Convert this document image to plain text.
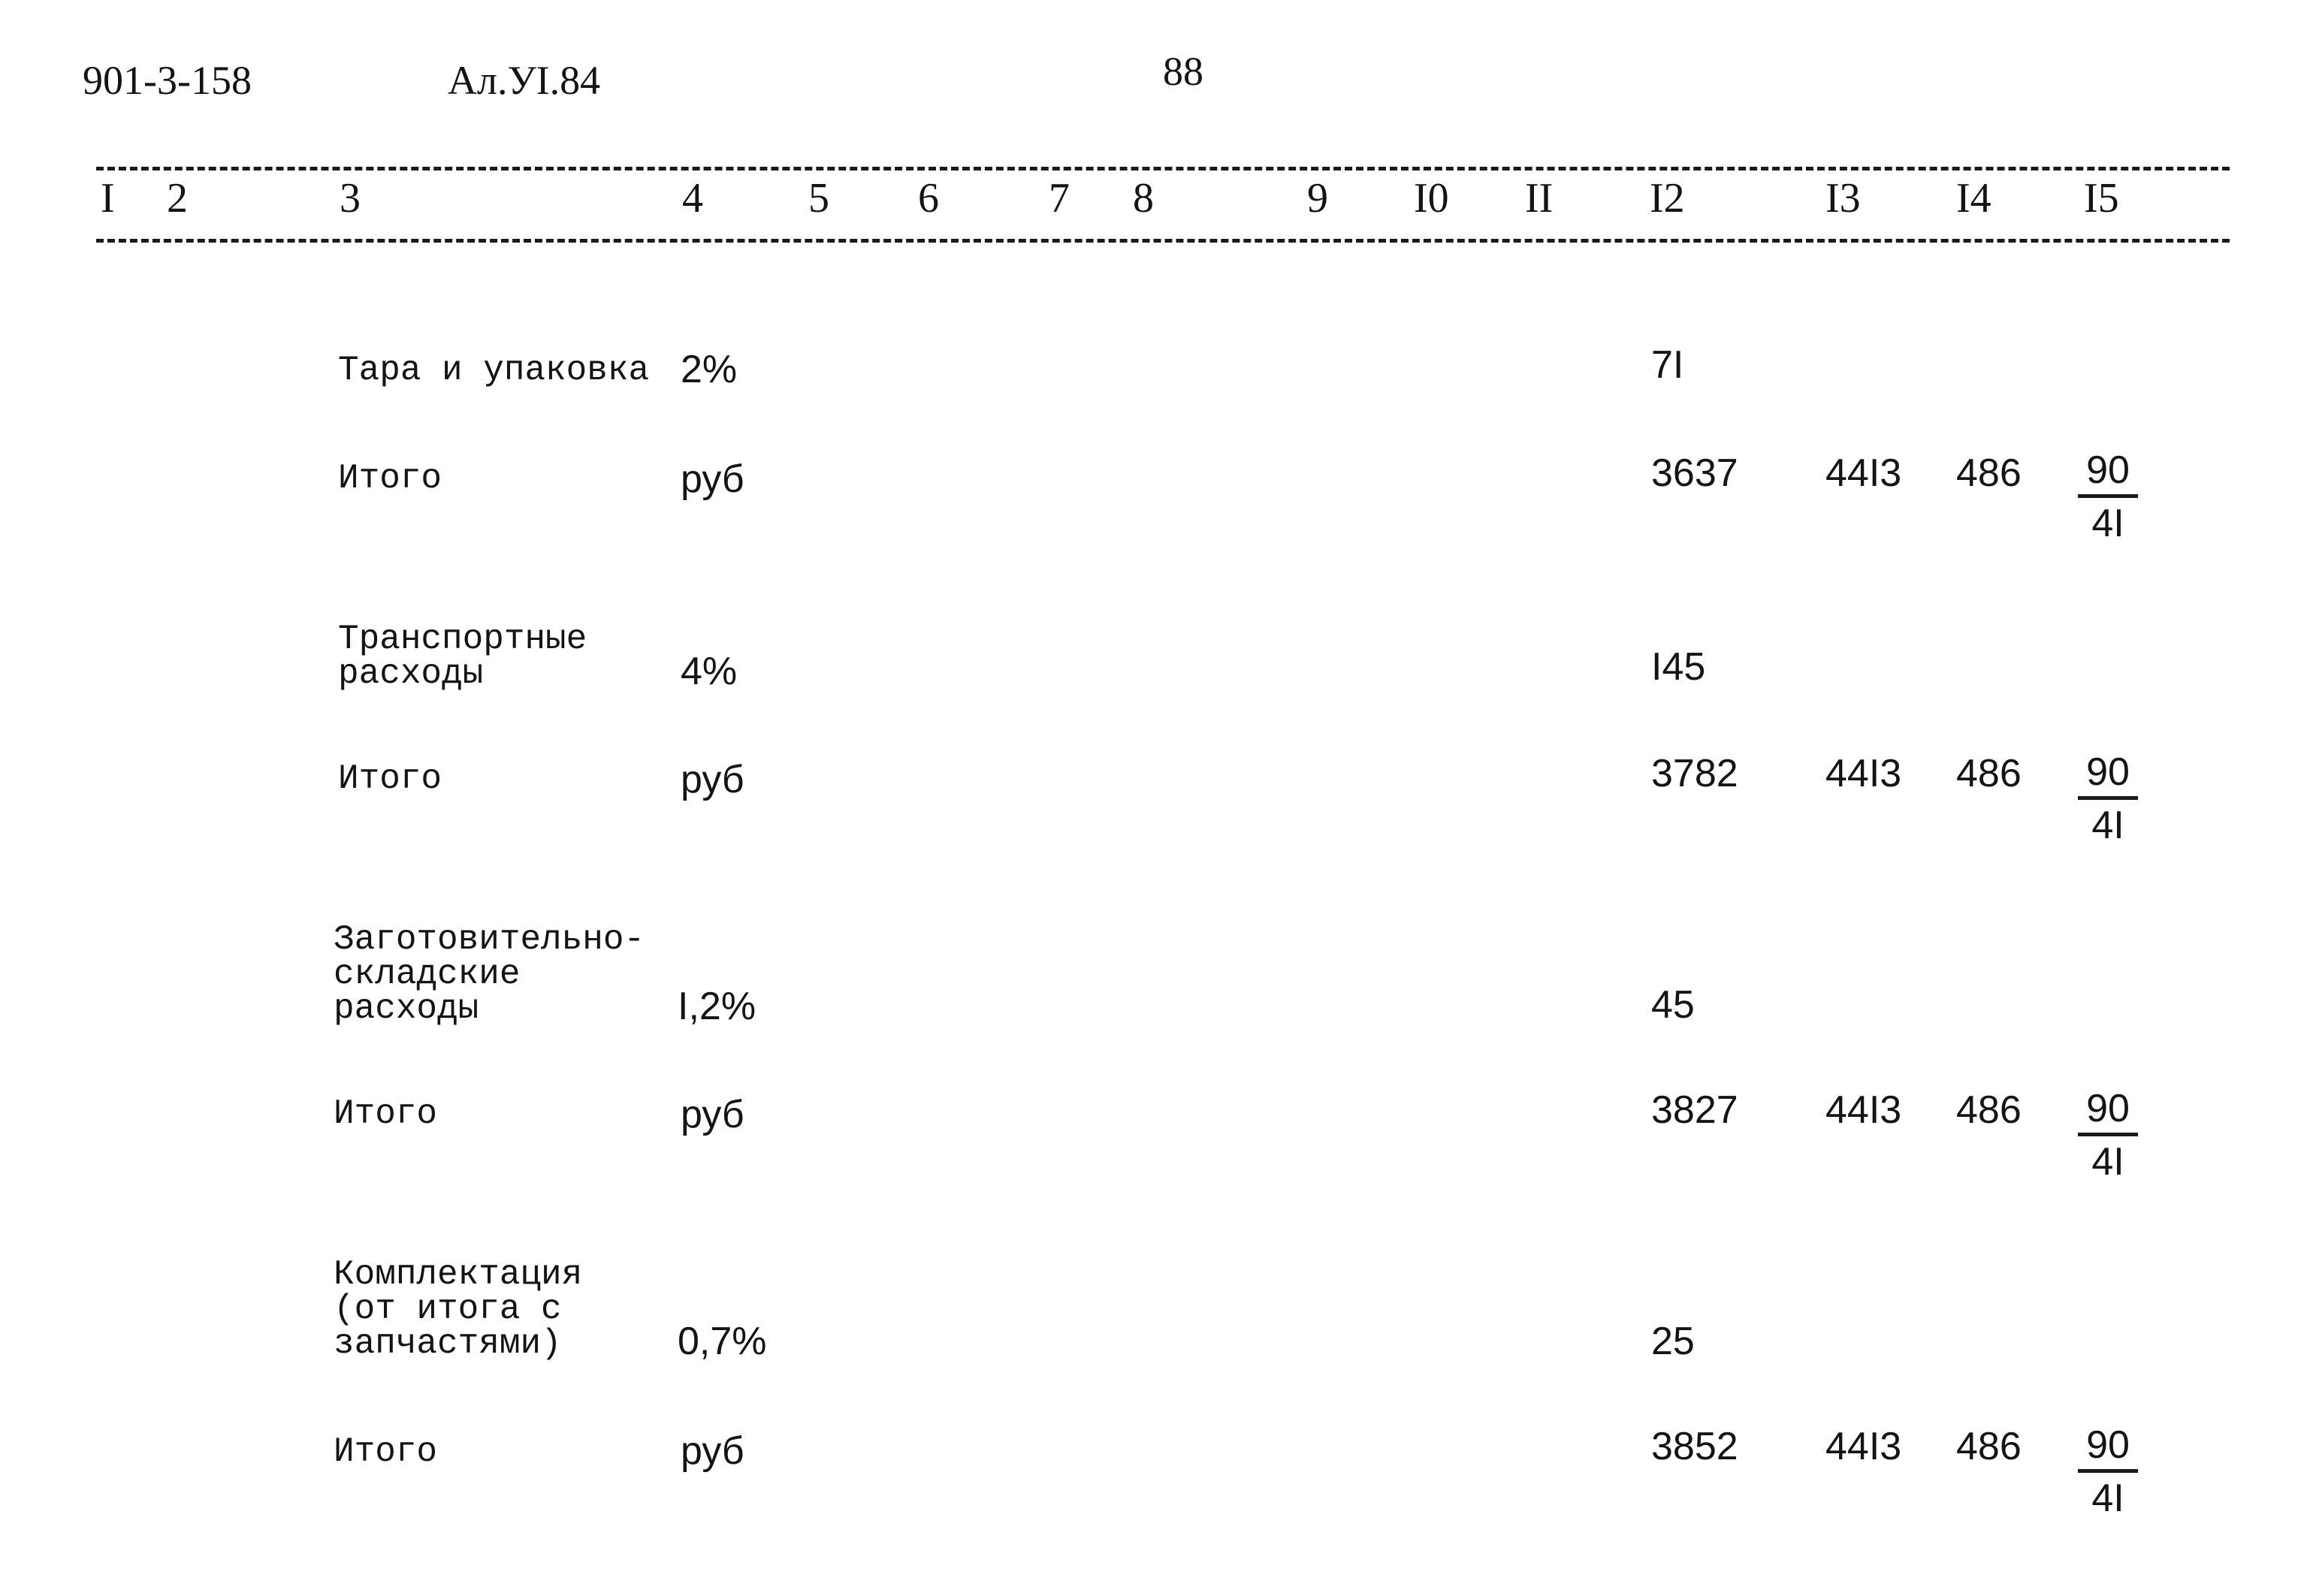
901-3-158	Ал.УI.84	88
I 2	3	4	5 6	7 8	9 I0 II I2	I3 I4 I5
Тара и упаковка 2%	7I
Итого	руб	3637 44I3 $486 \frac{90}{4I}$
Транспортные
расходы	4%	I45
Итого	руб	3782 44I3 $486 \frac{90}{4I}$
Заготовительно-
складские
расходы	I,2%	45
Итого	руб	3827 44I3 $486 \frac{90}{4I}$
Комплектация
(от итога с
запчастями)	0,7%	25
Итого	руб	3852 44I3 $486 \frac{90}{4I}$
